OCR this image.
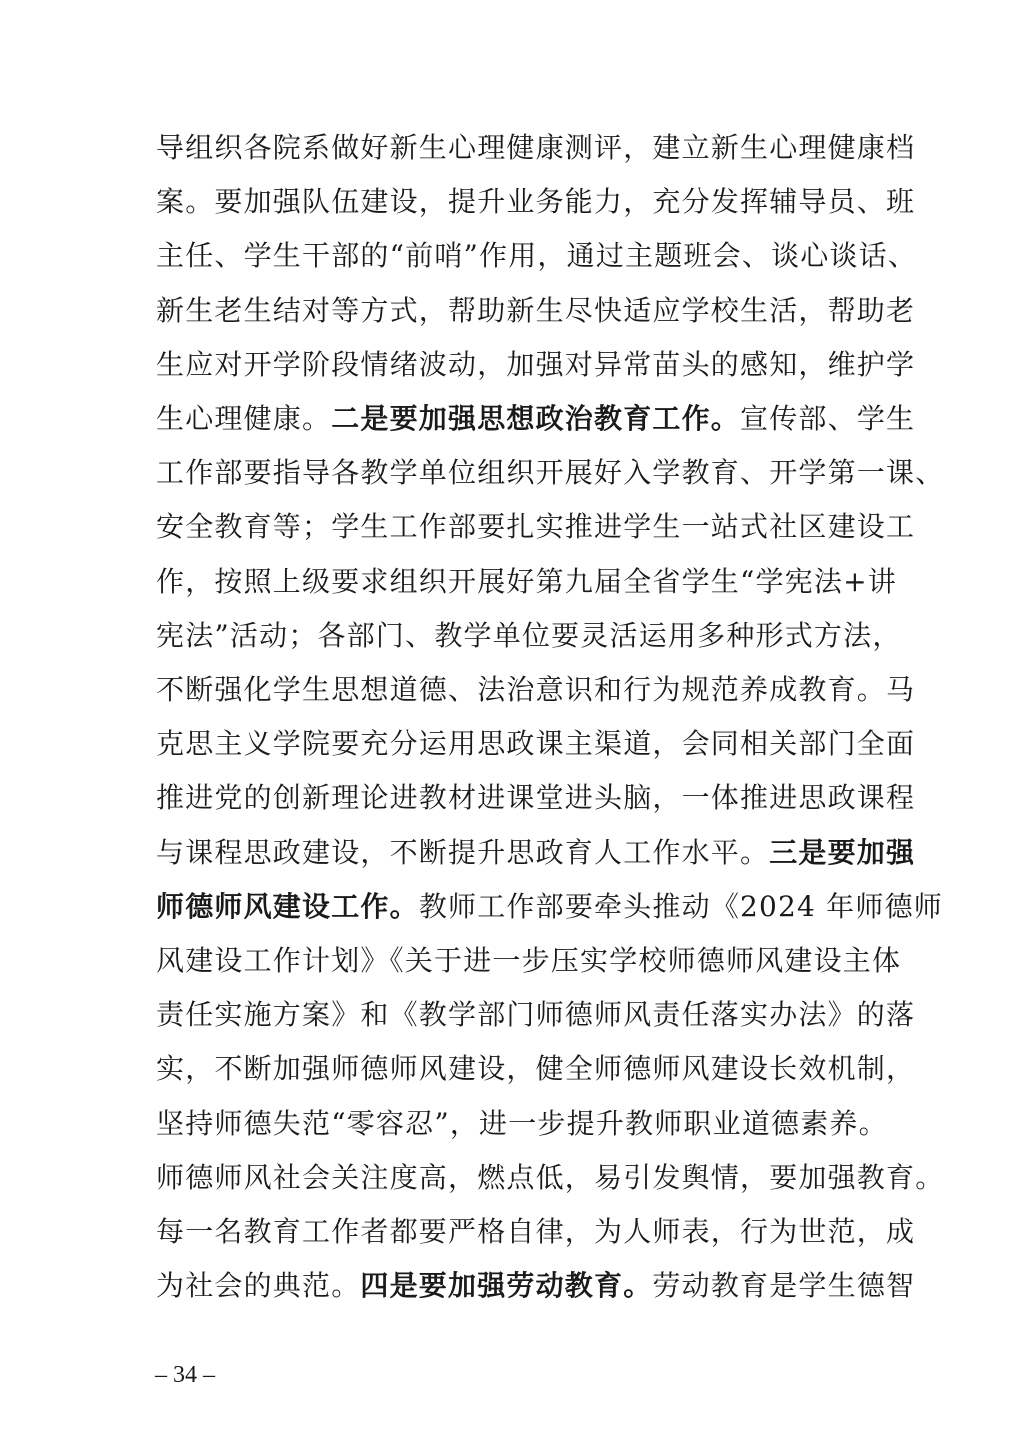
导组织各院系做好新生心理健康测评，建立新生心理健康档
案。要加强队伍建设，提升业务能力，充分发挥辅导员、班
主任、学生干部的“前哨”作用，通过主题班会、谈心谈话、
新生老生结对等方式，帮助新生尽快适应学校生活，帮助老
生应对开学阶段情绪波动，加强对异常苗头的感知，维护学
生心理健康。二是要加强思想政治教育工作。宣传部、学生
工作部要指导各教学单位组织开展好入学教育、开学第一课、
安全教育等；学生工作部要扎实推进学生一站式社区建设工
作，按照上级要求组织开展好第九届全省学生“学宪法+讲
宪法”活动；各部门、教学单位要灵活运用多种形式方法，
不断强化学生思想道德、法治意识和行为规范养成教育。马
克思主义学院要充分运用思政课主渠道，会同相关部门全面
推进党的创新理论进教材进课堂进头脑，一体推进思政课程
与课程思政建设，不断提升思政育人工作水平。三是要加强
师德师风建设工作。教师工作部要牵头推动《2024 年师德师
风建设工作计划》《关于进一步压实学校师德师风建设主体
责任实施方案》和《教学部门师德师风责任落实办法》的落
实，不断加强师德师风建设，健全师德师风建设长效机制，
坚持师德失范“零容忍”，进一步提升教师职业道德素养。
师德师风社会关注度高，燃点低，易引发舆情，要加强教育。
每一名教育工作者都要严格自律，为人师表，行为世范，成
为社会的典范。四是要加强劳动教育。劳动教育是学生德智
– 34 –
